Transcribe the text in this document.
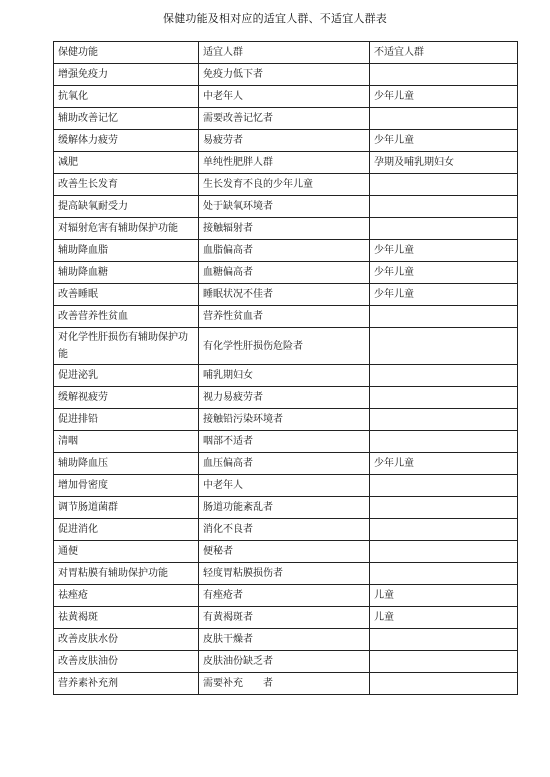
保健功能及相对应的适宜人群、不适宜人群表
保健功能	适宜人群	不适宜人群
增强免疫力	免疫力低下者	
抗氧化	中老年人	少年儿童
辅助改善记忆	需要改善记忆者	
缓解体力疲劳	易疲劳者	少年儿童
减肥	单纯性肥胖人群	孕期及哺乳期妇女
改善生长发育	生长发育不良的少年儿童	
提高缺氧耐受力	处于缺氧环境者	
对辐射危害有辅助保护功能	接触辐射者	
辅助降血脂	血脂偏高者	少年儿童
辅助降血糖	血糖偏高者	少年儿童
改善睡眠	睡眠状况不佳者	少年儿童
改善营养性贫血	营养性贫血者	
对化学性肝损伤有辅助保护功能	有化学性肝损伤危险者	
促进泌乳	哺乳期妇女	
缓解视疲劳	视力易疲劳者	
促进排铅	接触铅污染环境者	
清咽	咽部不适者	
辅助降血压	血压偏高者	少年儿童
增加骨密度	中老年人	
调节肠道菌群	肠道功能紊乱者	
促进消化	消化不良者	
通便	便秘者	
对胃粘膜有辅助保护功能	轻度胃粘膜损伤者	
祛痤疮	有痤疮者	儿童
祛黄褐斑	有黄褐斑者	儿童
改善皮肤水份	皮肤干燥者	
改善皮肤油份	皮肤油份缺乏者	
营养素补充剂	需要补充　　者	
